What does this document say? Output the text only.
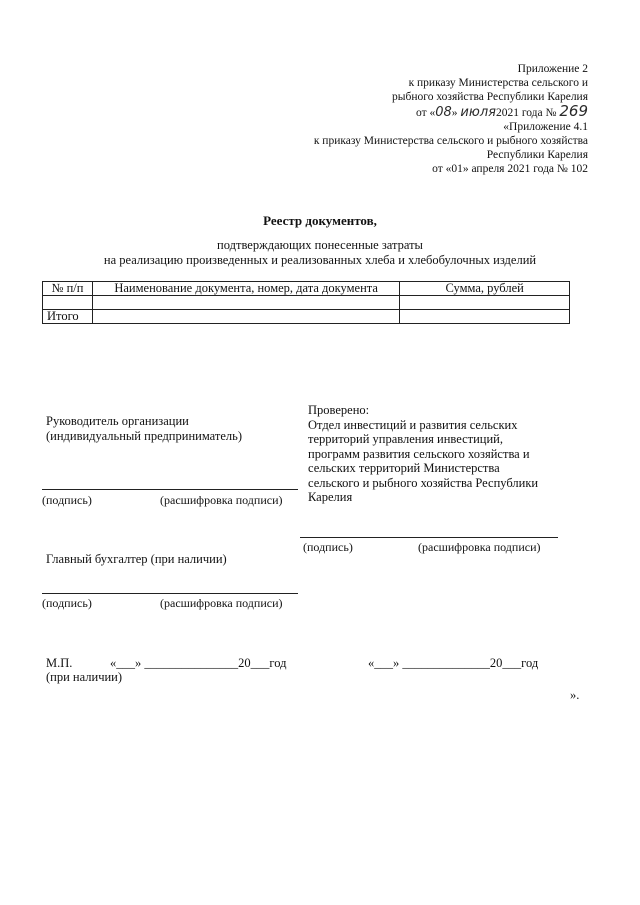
Приложение 2
к приказу Министерства сельского и
рыбного хозяйства Республики Карелия
от «08» июля2021 года № 269
«Приложение 4.1
к приказу Министерства сельского и рыбного хозяйства
Республики Карелия
от «01» апреля 2021 года № 102
Реестр документов,
подтверждающих понесенные затраты
на реализацию произведенных и реализованных хлеба и хлебобулочных изделий
№ п/п	Наименование документа, номер, дата документа	Сумма, рублей

Итого		
Руководитель организации
(индивидуальный предприниматель)
(подпись)	(расшифровка подписи)
Главный бухгалтер (при наличии)
(подпись)	(расшифровка подписи)
М.П.
(при наличии)
«___» _______________20___год
Проверено:
Отдел инвестиций и развития сельских
территорий управления инвестиций,
программ развития сельского хозяйства и
сельских территорий Министерства
сельского и рыбного хозяйства Республики
Карелия
(подпись)	(расшифровка подписи)
«___» ______________20___год
».
